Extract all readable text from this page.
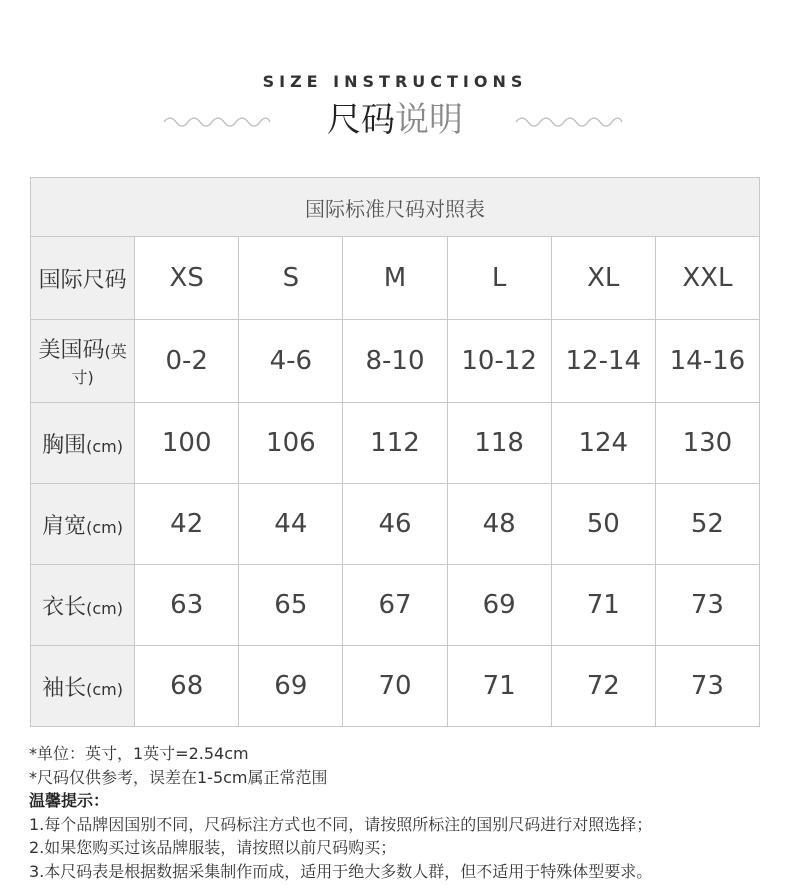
SIZE INSTRUCTIONS
尺码说明
国际标准尺码对照表						
国际尺码	XS	S	M	L	XL	XXL
美国码(英寸)	0-2	4-6	8-10	10-12	12-14	14-16
胸围(cm)	100	106	112	118	124	130
肩宽(cm)	42	44	46	48	50	52
衣长(cm)	63	65	67	69	71	73
袖长(cm)	68	69	70	71	72	73
*单位：英寸，1英寸=2.54cm
*尺码仅供参考，误差在1-5cm属正常范围
温馨提示：
1.每个品牌因国别不同，尺码标注方式也不同，请按照所标注的国别尺码进行对照选择；
2.如果您购买过该品牌服装，请按照以前尺码购买；
3.本尺码表是根据数据采集制作而成，适用于绝大多数人群，但不适用于特殊体型要求。
